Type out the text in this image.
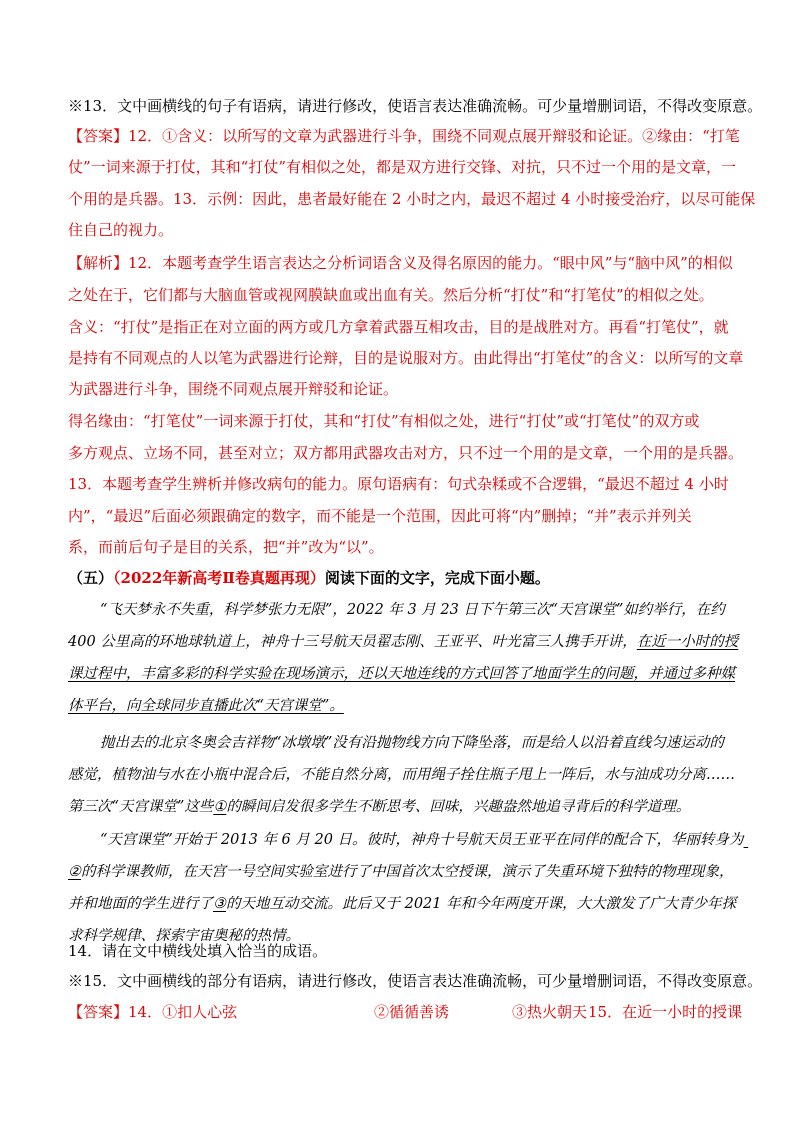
※13．文中画横线的句子有语病，请进行修改，使语言表达准确流畅。可少量增删词语，不得改变原意。
【答案】12．①含义：以所写的文章为武器进行斗争，围绕不同观点展开辩驳和论证。②缘由：“打笔
仗”一词来源于打仗，其和“打仗”有相似之处，都是双方进行交锋、对抗，只不过一个用的是文章，一
个用的是兵器。13．示例：因此，患者最好能在 2 小时之内，最迟不超过 4 小时接受治疗，以尽可能保
住自己的视力。
【解析】12．本题考查学生语言表达之分析词语含义及得名原因的能力。“眼中风”与“脑中风”的相似
之处在于，它们都与大脑血管或视网膜缺血或出血有关。然后分析“打仗”和“打笔仗”的相似之处。
含义：“打仗”是指正在对立面的两方或几方拿着武器互相攻击，目的是战胜对方。再看“打笔仗”，就
是持有不同观点的人以笔为武器进行论辩，目的是说服对方。由此得出“打笔仗”的含义：以所写的文章
为武器进行斗争，围绕不同观点展开辩驳和论证。
得名缘由：“打笔仗”一词来源于打仗，其和“打仗”有相似之处，进行“打仗”或“打笔仗”的双方或
多方观点、立场不同，甚至对立；双方都用武器攻击对方，只不过一个用的是文章，一个用的是兵器。
13．本题考查学生辨析并修改病句的能力。原句语病有：句式杂糅或不合逻辑，“最迟不超过 4 小时
内”，“最迟”后面必须跟确定的数字，而不能是一个范围，因此可将“内”删掉；“并”表示并列关
系，而前后句子是目的关系，把“并”改为“以”。
（五）（2022年新高考Ⅱ卷真题再现）阅读下面的文字，完成下面小题。
“飞天梦永不失重，科学梦张力无限”，2022 年 3 月 23 日下午第三次“天宫课堂”如约举行，在约
400 公里高的环地球轨道上，神舟十三号航天员翟志刚、王亚平、叶光富三人携手开讲，在近一小时的授
课过程中，丰富多彩的科学实验在现场演示，还以天地连线的方式回答了地面学生的问题，并通过多种媒
体平台，向全球同步直播此次“天宫课堂”。
抛出去的北京冬奥会吉祥物“冰墩墩”没有沿抛物线方向下降坠落，而是给人以沿着直线匀速运动的
感觉，植物油与水在小瓶中混合后，不能自然分离，而用绳子拴住瓶子甩上一阵后，水与油成功分离……
第三次“天宫课堂”这些①的瞬间启发很多学生不断思考、回味，兴趣盎然地追寻背后的科学道理。
“天宫课堂”开始于 2013 年 6 月 20 日。彼时，神舟十号航天员王亚平在同伴的配合下，华丽转身为
②的科学课教师，在天宫一号空间实验室进行了中国首次太空授课，演示了失重环境下独特的物理现象，
并和地面的学生进行了③的天地互动交流。此后又于 2021 年和今年两度开课，大大激发了广大青少年探
求科学规律、探索宇宙奥秘的热情。
14．请在文中横线处填入恰当的成语。
※15．文中画横线的部分有语病，请进行修改，使语言表达准确流畅，可少量增删词语，不得改变原意。
【答案】14．①扣人心弦	②循循善诱	③热火朝天 15．在近一小时的授课
